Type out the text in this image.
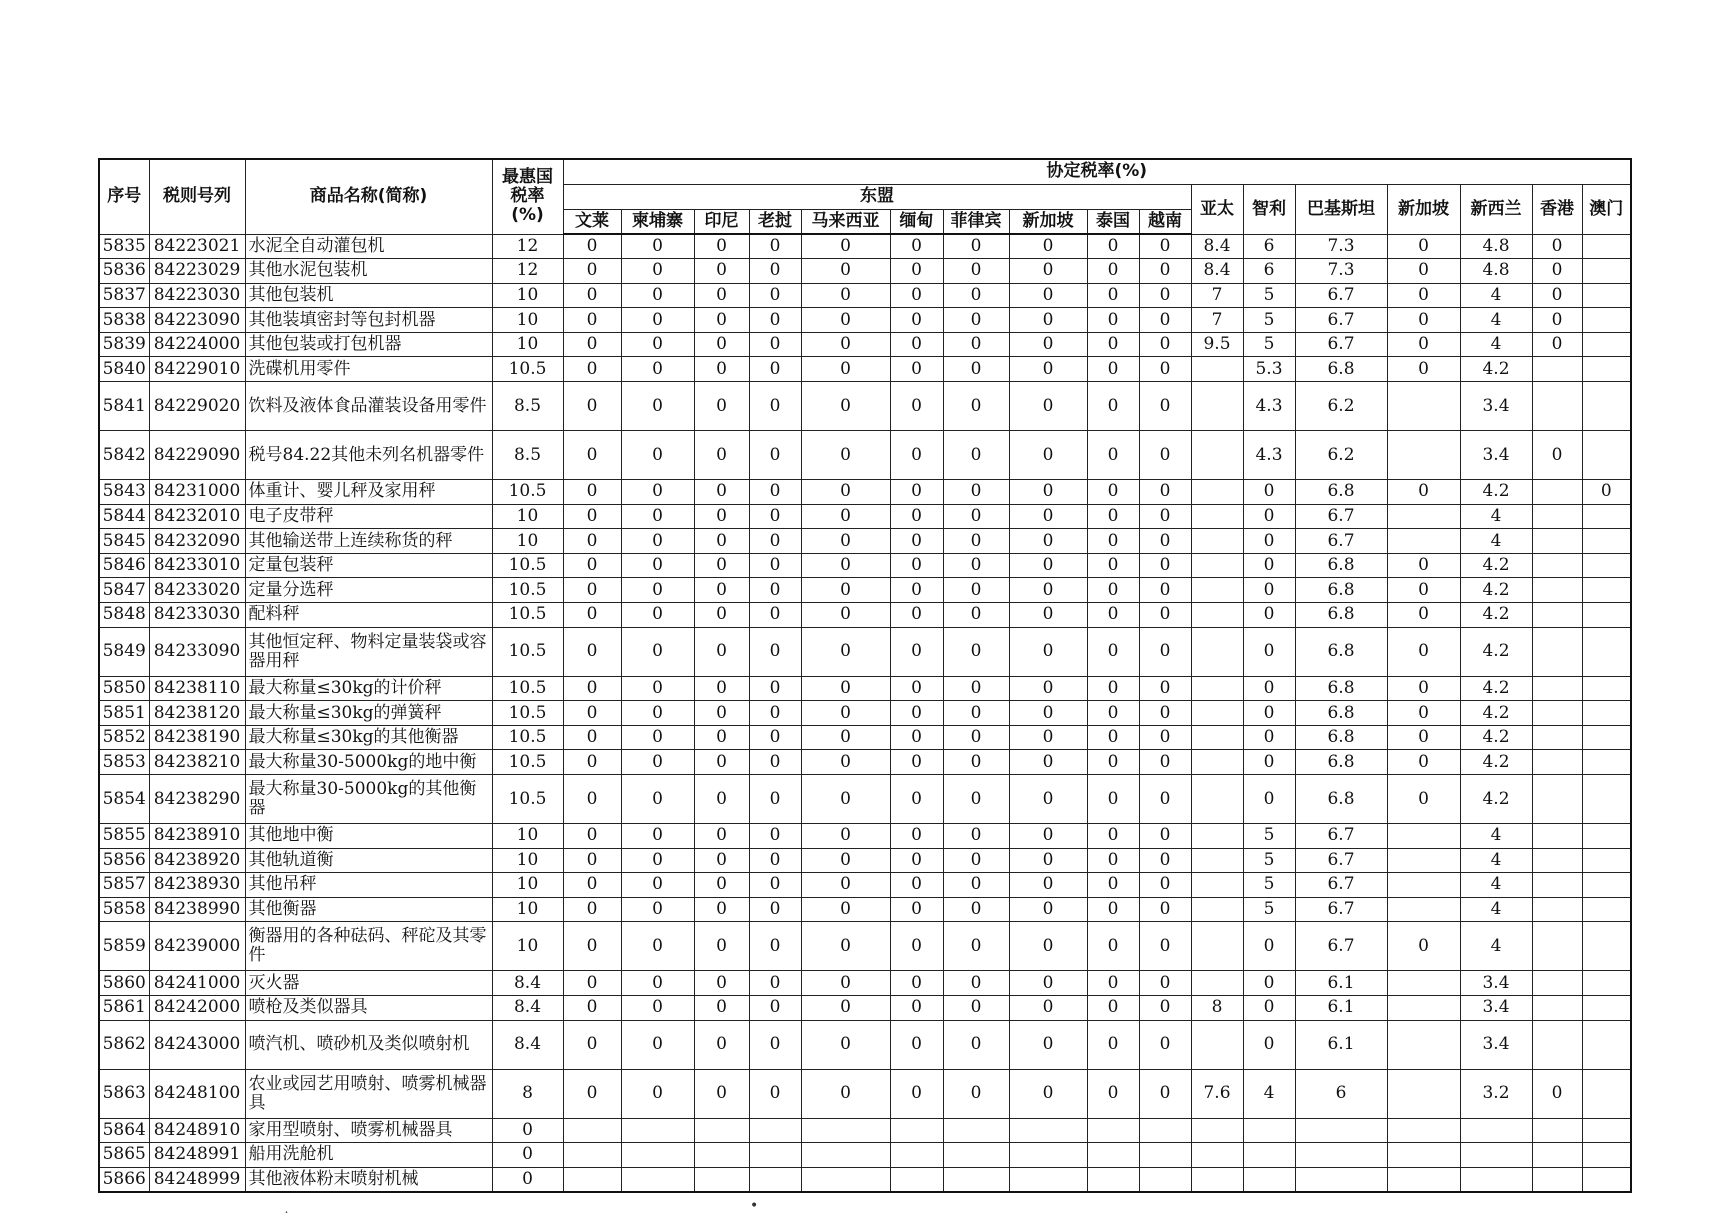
序号	税则号列	商品名称(简称)	最惠国税率(%)	协定税率(%)																
				东盟										亚太	智利	巴基斯坦	新加坡	新西兰	香港	澳门
				文莱	柬埔寨	印尼	老挝	马来西亚	缅甸	菲律宾	新加坡	泰国	越南							
5835	84223021	水泥全自动灌包机	12	0	0	0	0	0	0	0	0	0	0	8.4	6	7.3	0	4.8	0	
5836	84223029	其他水泥包装机	12	0	0	0	0	0	0	0	0	0	0	8.4	6	7.3	0	4.8	0	
5837	84223030	其他包装机	10	0	0	0	0	0	0	0	0	0	0	7	5	6.7	0	4	0	
5838	84223090	其他装填密封等包封机器	10	0	0	0	0	0	0	0	0	0	0	7	5	6.7	0	4	0	
5839	84224000	其他包装或打包机器	10	0	0	0	0	0	0	0	0	0	0	9.5	5	6.7	0	4	0	
5840	84229010	洗碟机用零件	10.5	0	0	0	0	0	0	0	0	0	0		5.3	6.8	0	4.2		
5841	84229020	饮料及液体食品灌装设备用零件	8.5	0	0	0	0	0	0	0	0	0	0		4.3	6.2		3.4		
5842	84229090	税号84.22其他未列名机器零件	8.5	0	0	0	0	0	0	0	0	0	0		4.3	6.2		3.4	0	
5843	84231000	体重计、婴儿秤及家用秤	10.5	0	0	0	0	0	0	0	0	0	0		0	6.8	0	4.2		0
5844	84232010	电子皮带秤	10	0	0	0	0	0	0	0	0	0	0		0	6.7		4		
5845	84232090	其他输送带上连续称货的秤	10	0	0	0	0	0	0	0	0	0	0		0	6.7		4		
5846	84233010	定量包装秤	10.5	0	0	0	0	0	0	0	0	0	0		0	6.8	0	4.2		
5847	84233020	定量分选秤	10.5	0	0	0	0	0	0	0	0	0	0		0	6.8	0	4.2		
5848	84233030	配料秤	10.5	0	0	0	0	0	0	0	0	0	0		0	6.8	0	4.2		
5849	84233090	其他恒定秤、物料定量装袋或容器用秤	10.5	0	0	0	0	0	0	0	0	0	0		0	6.8	0	4.2		
5850	84238110	最大称量≤30kg的计价秤	10.5	0	0	0	0	0	0	0	0	0	0		0	6.8	0	4.2		
5851	84238120	最大称量≤30kg的弹簧秤	10.5	0	0	0	0	0	0	0	0	0	0		0	6.8	0	4.2		
5852	84238190	最大称量≤30kg的其他衡器	10.5	0	0	0	0	0	0	0	0	0	0		0	6.8	0	4.2		
5853	84238210	最大称量30-5000kg的地中衡	10.5	0	0	0	0	0	0	0	0	0	0		0	6.8	0	4.2		
5854	84238290	最大称量30-5000kg的其他衡器	10.5	0	0	0	0	0	0	0	0	0	0		0	6.8	0	4.2		
5855	84238910	其他地中衡	10	0	0	0	0	0	0	0	0	0	0		5	6.7		4		
5856	84238920	其他轨道衡	10	0	0	0	0	0	0	0	0	0	0		5	6.7		4		
5857	84238930	其他吊秤	10	0	0	0	0	0	0	0	0	0	0		5	6.7		4		
5858	84238990	其他衡器	10	0	0	0	0	0	0	0	0	0	0		5	6.7		4		
5859	84239000	衡器用的各种砝码、秤砣及其零件	10	0	0	0	0	0	0	0	0	0	0		0	6.7	0	4		
5860	84241000	灭火器	8.4	0	0	0	0	0	0	0	0	0	0		0	6.1		3.4		
5861	84242000	喷枪及类似器具	8.4	0	0	0	0	0	0	0	0	0	0	8	0	6.1		3.4		
5862	84243000	喷汽机、喷砂机及类似喷射机	8.4	0	0	0	0	0	0	0	0	0	0		0	6.1		3.4		
5863	84248100	农业或园艺用喷射、喷雾机械器具	8	0	0	0	0	0	0	0	0	0	0	7.6	4	6		3.2	0	
5864	84248910	家用型喷射、喷雾机械器具	0																	
5865	84248991	船用洗舱机	0																	
5866	84248999	其他液体粉末喷射机械	0																	
˙
•
